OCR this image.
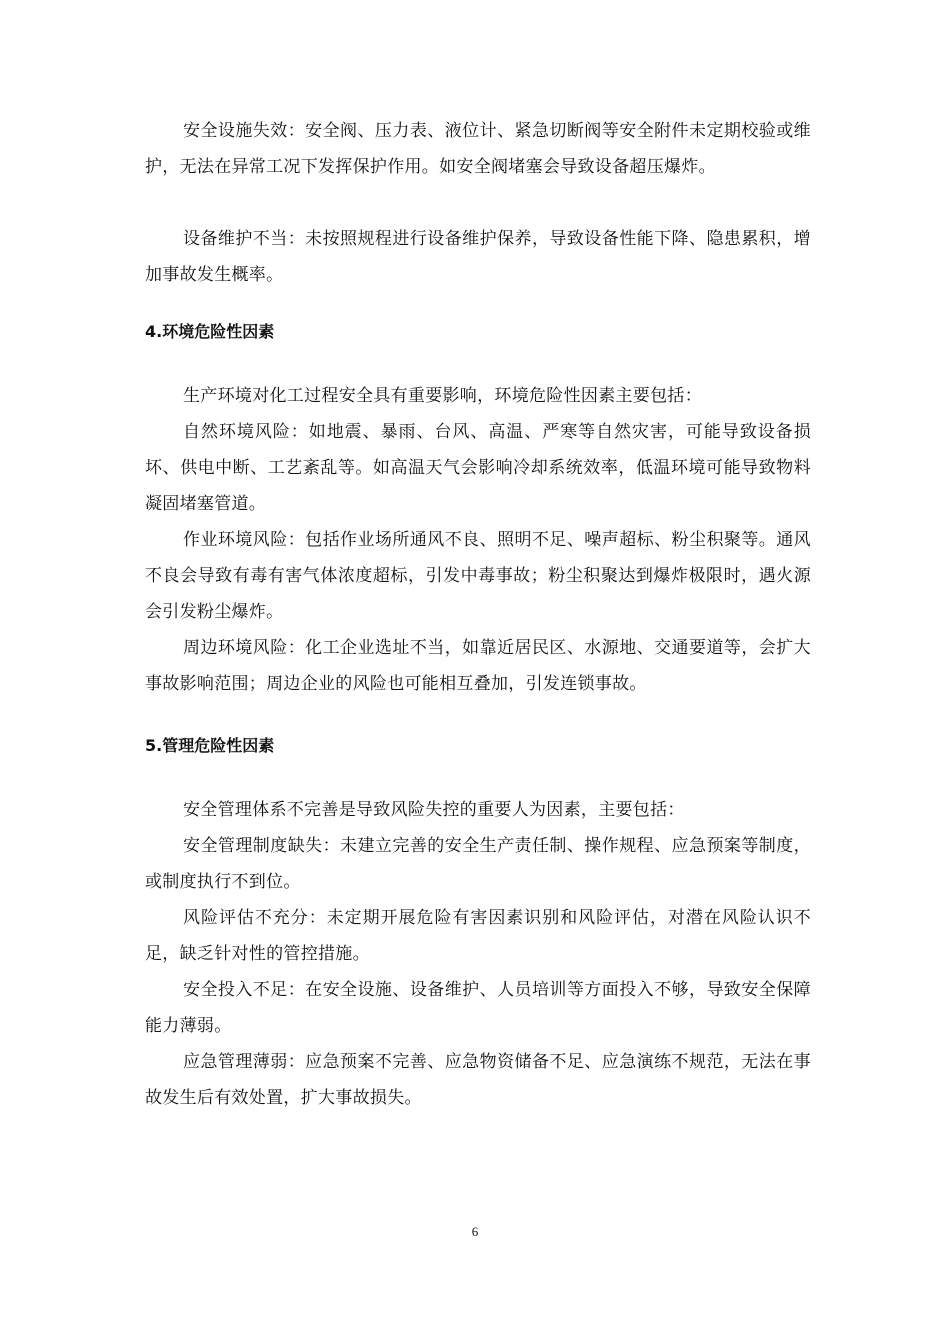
安全设施失效：安全阀、压力表、液位计、紧急切断阀等安全附件未定期校验或维护，无法在异常工况下发挥保护作用。如安全阀堵塞会导致设备超压爆炸。

设备维护不当：未按照规程进行设备维护保养，导致设备性能下降、隐患累积，增加事故发生概率。

4.环境危险性因素

生产环境对化工过程安全具有重要影响，环境危险性因素主要包括：

自然环境风险：如地震、暴雨、台风、高温、严寒等自然灾害，可能导致设备损坏、供电中断、工艺紊乱等。如高温天气会影响冷却系统效率，低温环境可能导致物料凝固堵塞管道。

作业环境风险：包括作业场所通风不良、照明不足、噪声超标、粉尘积聚等。通风不良会导致有毒有害气体浓度超标，引发中毒事故；粉尘积聚达到爆炸极限时，遇火源会引发粉尘爆炸。

周边环境风险：化工企业选址不当，如靠近居民区、水源地、交通要道等，会扩大事故影响范围；周边企业的风险也可能相互叠加，引发连锁事故。

5.管理危险性因素

安全管理体系不完善是导致风险失控的重要人为因素，主要包括：

安全管理制度缺失：未建立完善的安全生产责任制、操作规程、应急预案等制度，或制度执行不到位。

风险评估不充分：未定期开展危险有害因素识别和风险评估，对潜在风险认识不足，缺乏针对性的管控措施。

安全投入不足：在安全设施、设备维护、人员培训等方面投入不够，导致安全保障能力薄弱。

应急管理薄弱：应急预案不完善、应急物资储备不足、应急演练不规范，无法在事故发生后有效处置，扩大事故损失。

6
